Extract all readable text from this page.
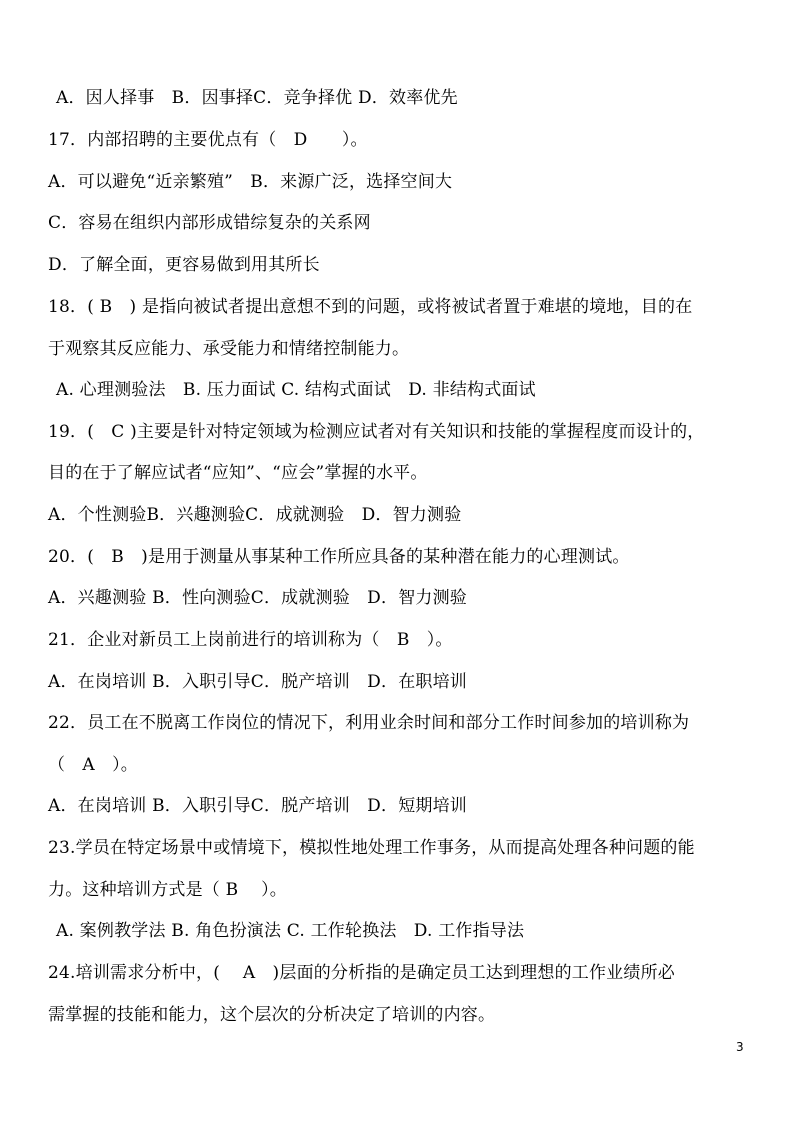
A．因人择事　B．因事择C．竞争择优 D．效率优先
17．内部招聘的主要优点有（　D　　）。
A．可以避免“近亲繁殖”　B．来源广泛，选择空间大
C．容易在组织内部形成错综复杂的关系网
D．了解全面，更容易做到用其所长
18．( B　) 是指向被试者提出意想不到的问题，或将被试者置于难堪的境地，目的在
于观察其反应能力、承受能力和情绪控制能力。
A. 心理测验法　B. 压力面试 C. 结构式面试　D. 非结构式面试
19．(　C )主要是针对特定领域为检测应试者对有关知识和技能的掌握程度而设计的，
目的在于了解应试者“应知”、“应会”掌握的水平。
A．个性测验B．兴趣测验C．成就测验　D．智力测验
20．(　B　)是用于测量从事某种工作所应具备的某种潜在能力的心理测试。
A．兴趣测验 B．性向测验C．成就测验　D．智力测验
21．企业对新员工上岗前进行的培训称为（　B　）。
A．在岗培训 B．入职引导C．脱产培训　D．在职培训
22．员工在不脱离工作岗位的情况下，利用业余时间和部分工作时间参加的培训称为
（　A　）。
A．在岗培训 B．入职引导C．脱产培训　D．短期培训
23.学员在特定场景中或情境下，模拟性地处理工作事务，从而提高处理各种问题的能
力。这种培训方式是（ B　 ）。
A. 案例教学法 B. 角色扮演法 C. 工作轮换法　D. 工作指导法
24.培训需求分析中，(　 A　)层面的分析指的是确定员工达到理想的工作业绩所必
需掌握的技能和能力，这个层次的分析决定了培训的内容。
3
